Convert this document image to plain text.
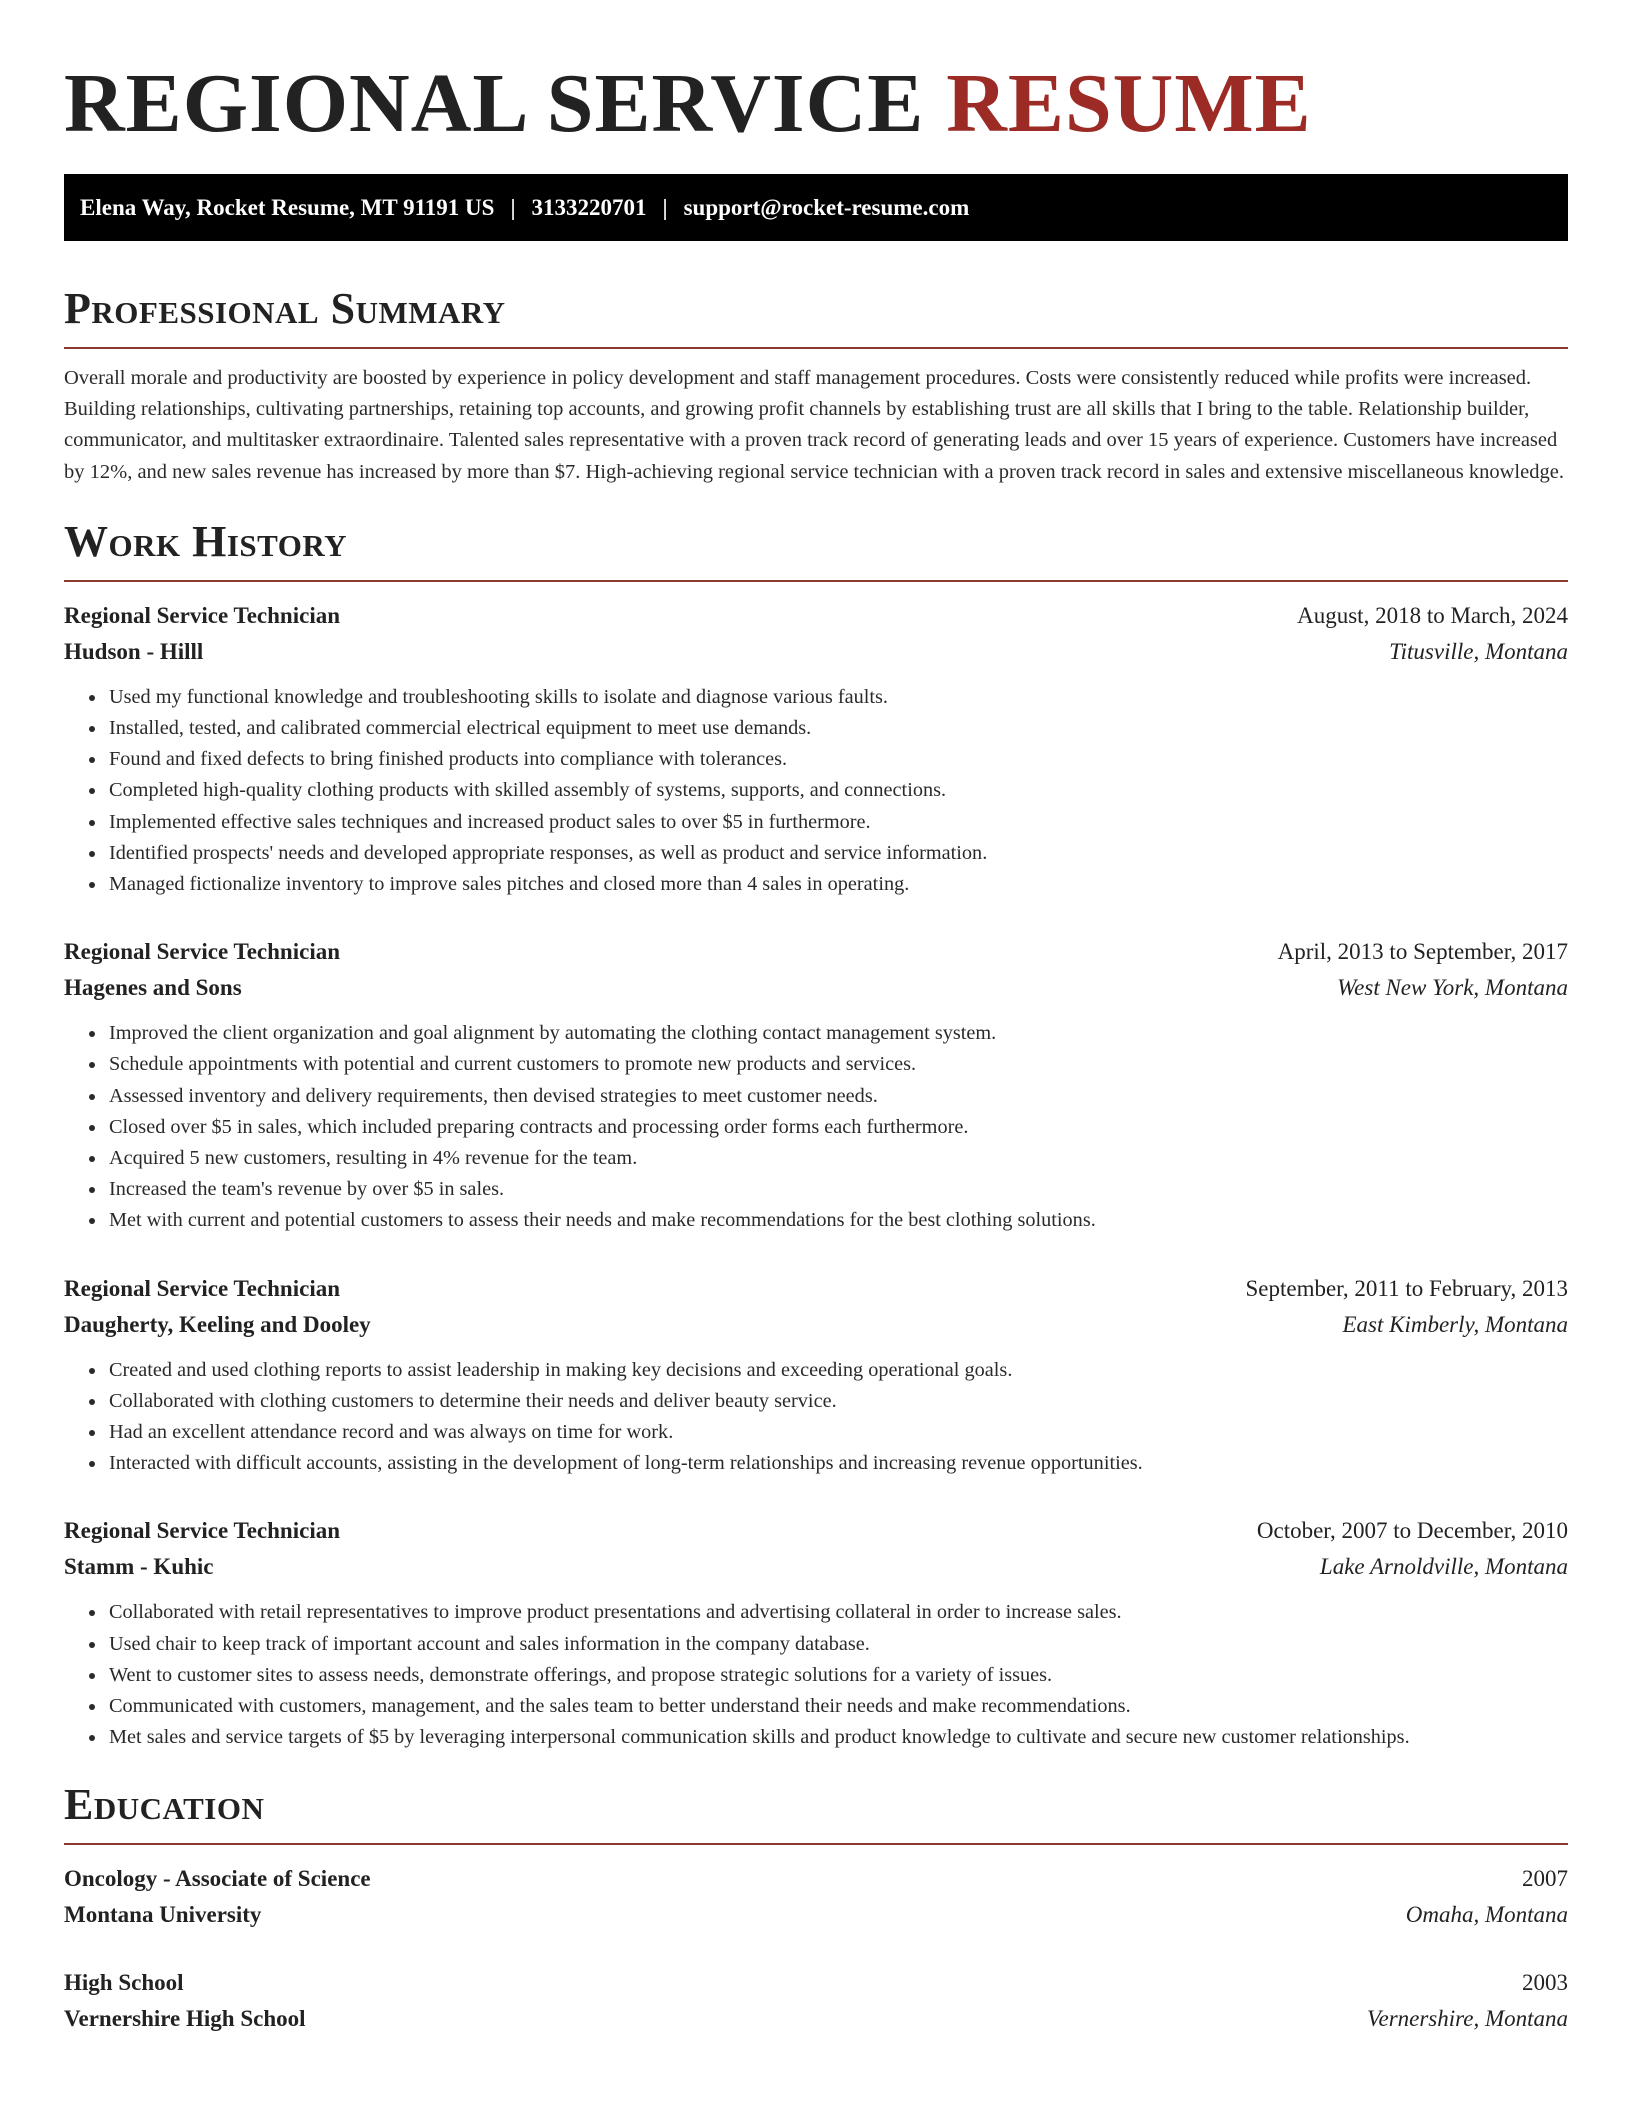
REGIONAL SERVICE RESUME
Elena Way, Rocket Resume, MT 91191 US | 3133220701 | support@rocket-resume.com
Professional Summary

Overall morale and productivity are boosted by experience in policy development and staff management procedures. Costs were consistently reduced while profits were increased. Building relationships, cultivating partnerships, retaining top accounts, and growing profit channels by establishing trust are all skills that I bring to the table. Relationship builder, communicator, and multitasker extraordinaire. Talented sales representative with a proven track record of generating leads and over 15 years of experience. Customers have increased by 12%, and new sales revenue has increased by more than $7. High-achieving regional service technician with a proven track record in sales and extensive miscellaneous knowledge.

Work History
Regional Service Technician	August, 2018 to March, 2024
Hudson - Hilll	Titusville, Montana
• Used my functional knowledge and troubleshooting skills to isolate and diagnose various faults.
• Installed, tested, and calibrated commercial electrical equipment to meet use demands.
• Found and fixed defects to bring finished products into compliance with tolerances.
• Completed high-quality clothing products with skilled assembly of systems, supports, and connections.
• Implemented effective sales techniques and increased product sales to over $5 in furthermore.
• Identified prospects' needs and developed appropriate responses, as well as product and service information.
• Managed fictionalize inventory to improve sales pitches and closed more than 4 sales in operating.
Regional Service Technician	April, 2013 to September, 2017
Hagenes and Sons	West New York, Montana
• Improved the client organization and goal alignment by automating the clothing contact management system.
• Schedule appointments with potential and current customers to promote new products and services.
• Assessed inventory and delivery requirements, then devised strategies to meet customer needs.
• Closed over $5 in sales, which included preparing contracts and processing order forms each furthermore.
• Acquired 5 new customers, resulting in 4% revenue for the team.
• Increased the team's revenue by over $5 in sales.
• Met with current and potential customers to assess their needs and make recommendations for the best clothing solutions.
Regional Service Technician	September, 2011 to February, 2013
Daugherty, Keeling and Dooley	East Kimberly, Montana
• Created and used clothing reports to assist leadership in making key decisions and exceeding operational goals.
• Collaborated with clothing customers to determine their needs and deliver beauty service.
• Had an excellent attendance record and was always on time for work.
• Interacted with difficult accounts, assisting in the development of long-term relationships and increasing revenue opportunities.
Regional Service Technician	October, 2007 to December, 2010
Stamm - Kuhic	Lake Arnoldville, Montana
• Collaborated with retail representatives to improve product presentations and advertising collateral in order to increase sales.
• Used chair to keep track of important account and sales information in the company database.
• Went to customer sites to assess needs, demonstrate offerings, and propose strategic solutions for a variety of issues.
• Communicated with customers, management, and the sales team to better understand their needs and make recommendations.
• Met sales and service targets of $5 by leveraging interpersonal communication skills and product knowledge to cultivate and secure new customer relationships.
Education
Oncology - Associate of Science	2007
Montana University	Omaha, Montana
High School	2003
Vernershire High School	Vernershire, Montana
